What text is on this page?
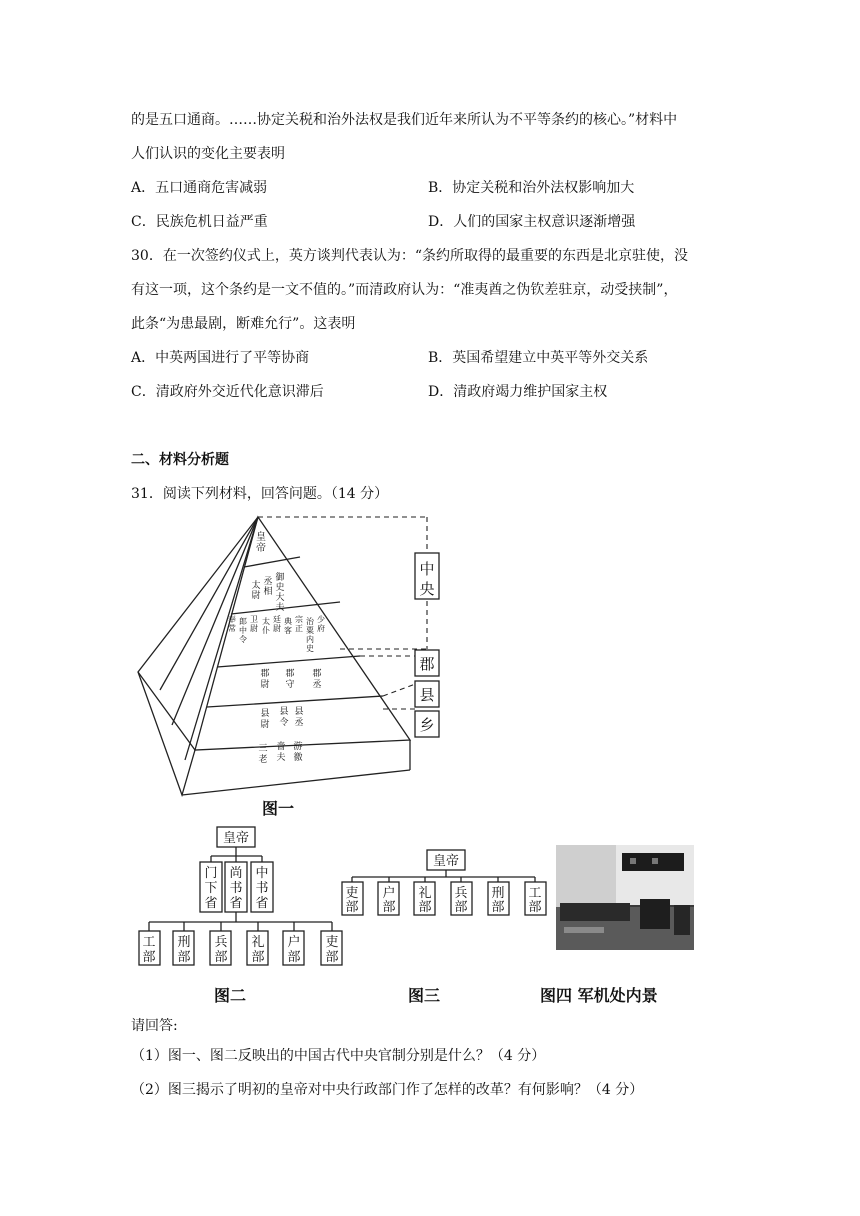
的是五口通商。……协定关税和治外法权是我们近年来所认为不平等条约的核心。”材料中
人们认识的变化主要表明
A．五口通商危害减弱	B．协定关税和治外法权影响加大
C．民族危机日益严重	D．人们的国家主权意识逐渐增强
30．在一次签约仪式上，英方谈判代表认为：“条约所取得的最重要的东西是北京驻使，没
有这一项，这个条约是一文不值的。”而清政府认为：“准夷酋之伪钦差驻京，动受挟制”，
此条“为患最剧，断难允行”。这表明
A．中英两国进行了平等协商	B．英国希望建立中英平等外交关系
C．清政府外交近代化意识滞后	D．清政府竭力维护国家主权
二、材料分析题
31．阅读下列材料，回答问题。（14 分）
中
央
郡
县
乡
皇
帝
御
史
大
夫
丞
相
太
尉
少
府
治
粟
内
史
宗
正
典
客
廷
尉
太
仆
卫
尉
郎
中
令
奉
常
郡
丞
郡
守
郡
尉
县
丞
县
令
县
尉
游
徼
啬
夫
三
老
图一
皇帝
皇帝
门
下
省
尚
书
省
中
书
省
工
部
刑
部
兵
部
礼
部
户
部
吏
部
吏
部
户
部
礼
部
兵
部
刑
部
工
部
图二	图三	图四 军机处内景
请回答:
（1）图一、图二反映出的中国古代中央官制分别是什么？（4 分）
（2）图三揭示了明初的皇帝对中央行政部门作了怎样的改革？有何影响？（4 分）
